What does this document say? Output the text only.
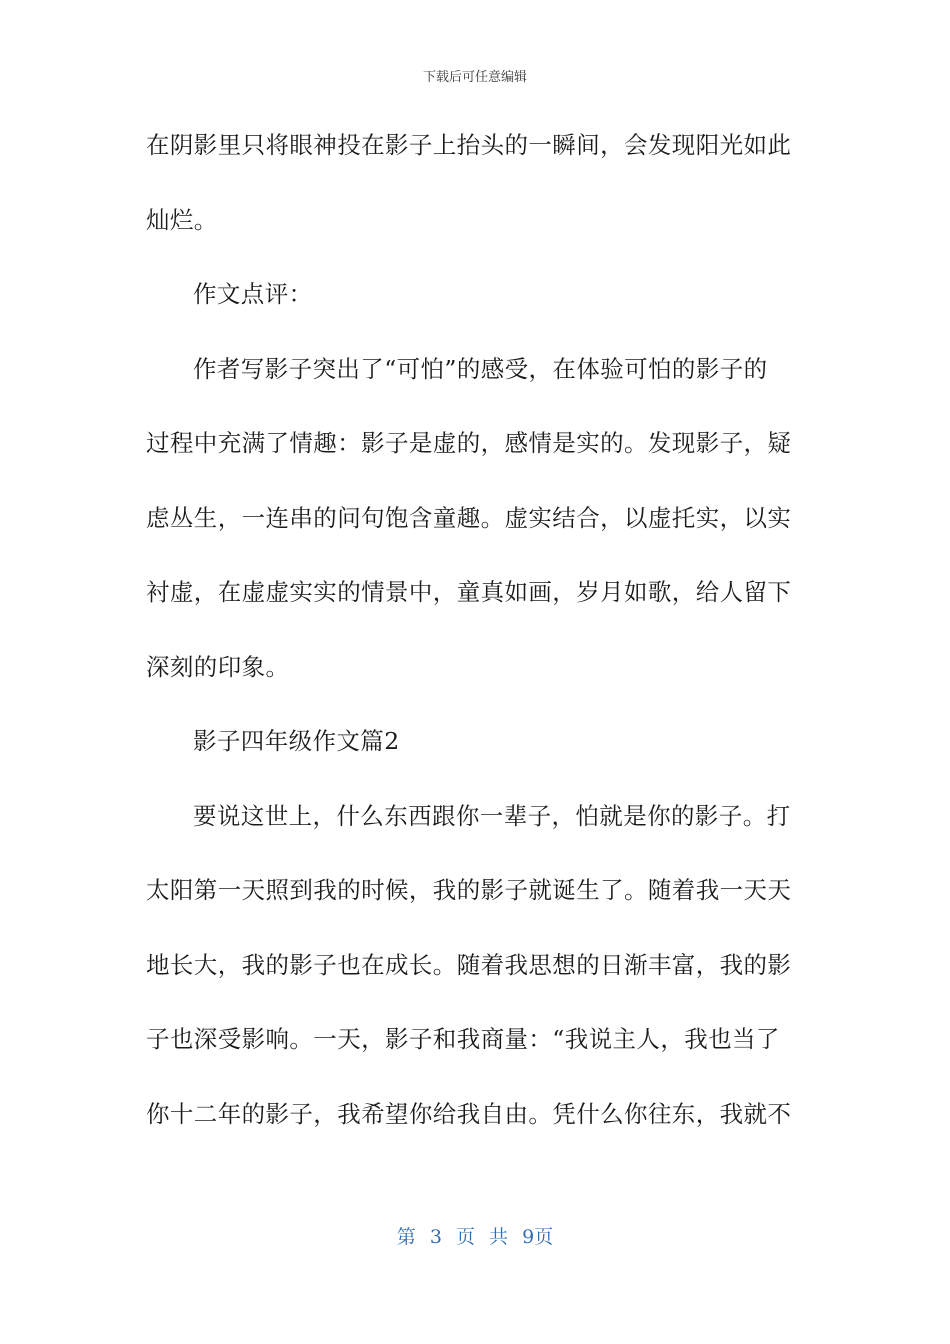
下载后可任意编辑
在阴影里只将眼神投在影子上抬头的一瞬间，会发现阳光如此
灿烂。
作文点评：
作者写影子突出了“可怕”的感受，在体验可怕的影子的
过程中充满了情趣：影子是虚的，感情是实的。发现影子，疑
虑丛生，一连串的问句饱含童趣。虚实结合，以虚托实，以实
衬虚，在虚虚实实的情景中，童真如画，岁月如歌，给人留下
深刻的印象。
影子四年级作文篇2
要说这世上，什么东西跟你一辈子，怕就是你的影子。打
太阳第一天照到我的时候，我的影子就诞生了。随着我一天天
地长大，我的影子也在成长。随着我思想的日渐丰富，我的影
子也深受影响。一天，影子和我商量：“我说主人，我也当了
你十二年的影子，我希望你给我自由。凭什么你往东，我就不
第 3 页 共 9页
